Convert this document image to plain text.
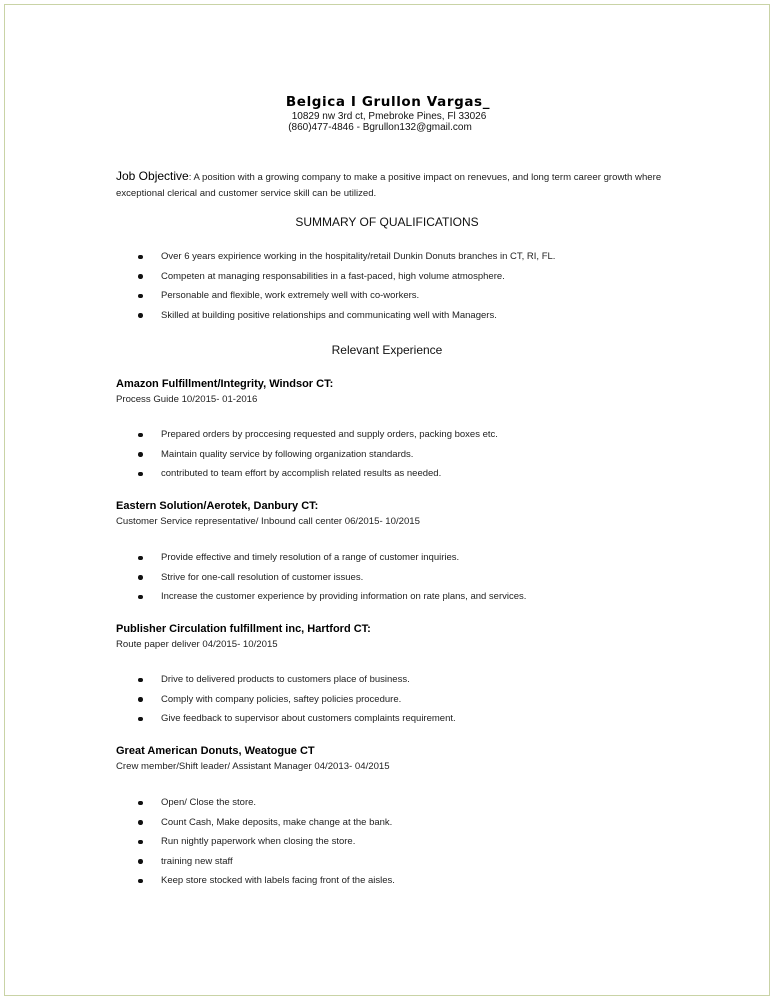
Belgica I Grullon Vargas_
10829 nw 3rd ct, Pmebroke Pines, Fl 33026
(860)477-4846 - Bgrullon132@gmail.com
Job Objective: A position with a growing company to make a positive impact on renevues, and long term career growth where exceptional clerical and customer service skill can be utilized.
SUMMARY OF QUALIFICATIONS
Over 6 years expirience working in the hospitality/retail Dunkin Donuts branches in CT, RI, FL.
Competen at managing responsabilities in a fast-paced, high volume atmosphere.
Personable and flexible, work extremely well with co-workers.
Skilled at building positive relationships and communicating well with Managers.
Relevant Experience
Amazon Fulfillment/Integrity, Windsor CT:
Process Guide 10/2015- 01-2016
Prepared orders by proccesing requested and supply orders, packing boxes etc.
Maintain quality service by following organization standards.
contributed to team effort by accomplish related results as needed.
Eastern Solution/Aerotek, Danbury CT:
Customer Service representative/ Inbound call center 06/2015- 10/2015
Provide effective and timely resolution of a range of customer inquiries.
Strive for one-call resolution of customer issues.
Increase the customer experience by providing information on rate plans, and services.
Publisher Circulation fulfillment inc, Hartford CT:
Route paper deliver 04/2015- 10/2015
Drive to delivered products to customers place of business.
Comply with company policies, saftey policies procedure.
Give feedback to supervisor about customers complaints requirement.
Great American Donuts, Weatogue CT
Crew member/Shift leader/ Assistant Manager 04/2013- 04/2015
Open/ Close the store.
Count Cash, Make deposits, make change at the bank.
Run nightly paperwork when closing the store.
training new staff
Keep store stocked with labels facing front of the aisles.
